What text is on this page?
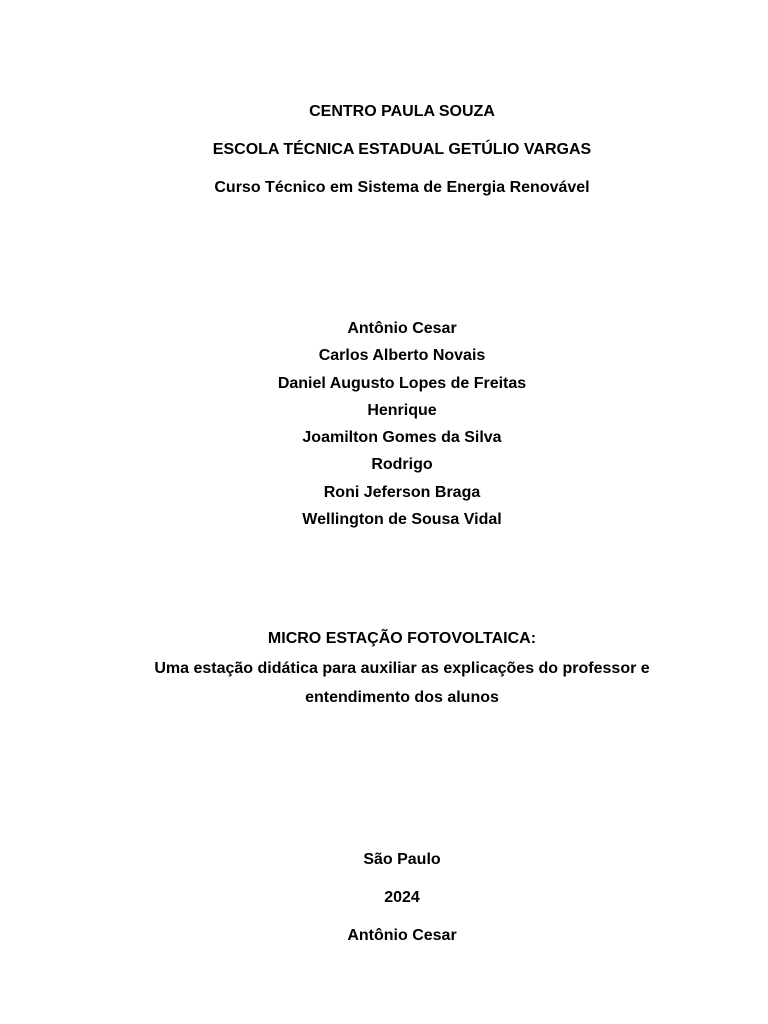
CENTRO PAULA SOUZA
ESCOLA TÉCNICA ESTADUAL GETÚLIO VARGAS
Curso Técnico em Sistema de Energia Renovável
Antônio Cesar
Carlos Alberto Novais
Daniel Augusto Lopes de Freitas
Henrique
Joamilton Gomes da Silva
Rodrigo
Roni Jeferson Braga
Wellington de Sousa Vidal
MICRO ESTAÇÃO FOTOVOLTAICA:
Uma estação didática para auxiliar as explicações do professor e
entendimento dos alunos
São Paulo
2024
Antônio Cesar
